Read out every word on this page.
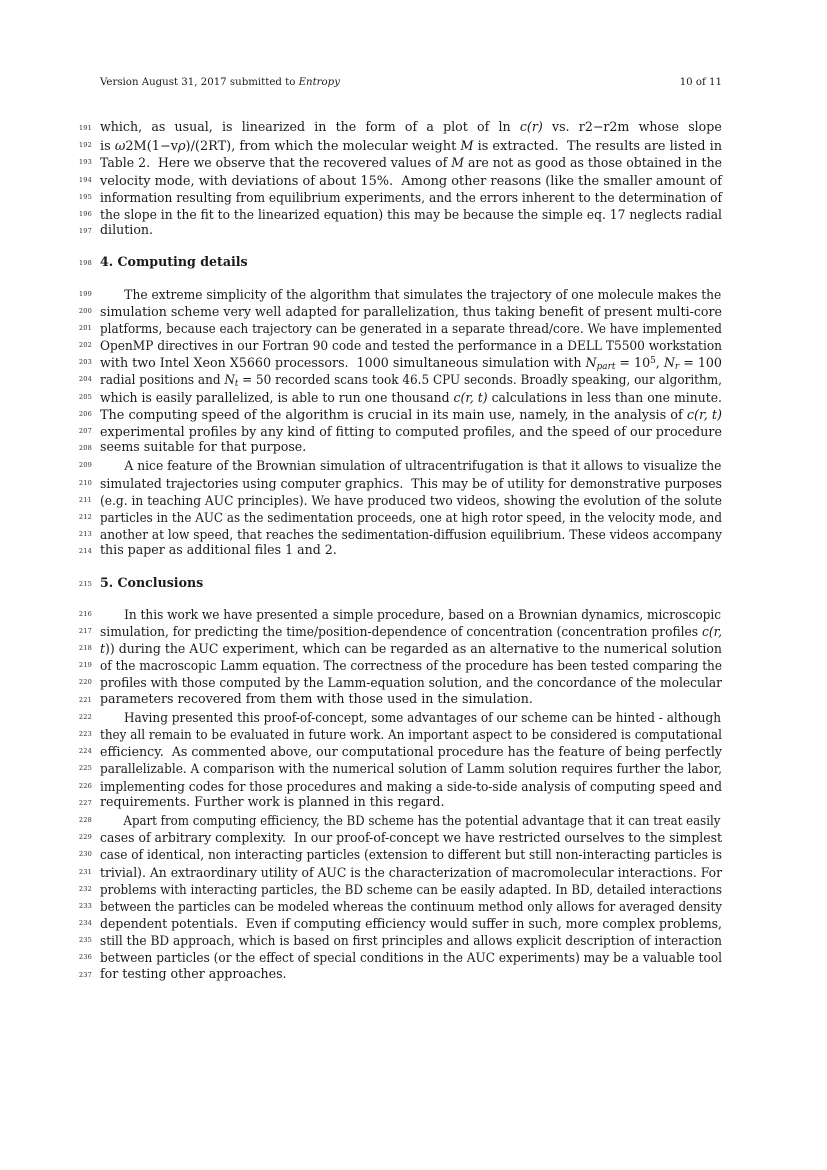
Version August 31, 2017 submitted to Entropy	10 of 11
191 which, as usual, is linearized in the form of a plot of ln c(r) vs. r2−r2m whose slope
192 is ω2M(1−vρ)/(2RT), from which the molecular weight M is extracted.  The results are listed in
193 Table 2.  Here we observe that the recovered values of M are not as good as those obtained in the
194 velocity mode, with deviations of about 15%.  Among other reasons (like the smaller amount of
195 information resulting from equilibrium experiments, and the errors inherent to the determination of
196 the slope in the fit to the linearized equation) this may be because the simple eq. 17 neglects radial
197 dilution.
198 4. Computing details
199	The extreme simplicity of the algorithm that simulates the trajectory of one molecule makes the
200 simulation scheme very well adapted for parallelization, thus taking benefit of present multi-core
201 platforms, because each trajectory can be generated in a separate thread/core. We have implemented
202 OpenMP directives in our Fortran 90 code and tested the performance in a DELL T5500 workstation
203 with two Intel Xeon X5660 processors.  1000 simultaneous simulation with $N_{part} = 10^5$, $N_r = 100$
204 radial positions and $N_t = 50$ recorded scans took 46.5 CPU seconds. Broadly speaking, our algorithm,
205 which is easily parallelized, is able to run one thousand c(r, t) calculations in less than one minute.
206 The computing speed of the algorithm is crucial in its main use, namely, in the analysis of c(r, t)
207 experimental profiles by any kind of fitting to computed profiles, and the speed of our procedure
208 seems suitable for that purpose.
209	A nice feature of the Brownian simulation of ultracentrifugation is that it allows to visualize the
210 simulated trajectories using computer graphics.  This may be of utility for demonstrative purposes
211 (e.g. in teaching AUC principles). We have produced two videos, showing the evolution of the solute
212 particles in the AUC as the sedimentation proceeds, one at high rotor speed, in the velocity mode, and
213 another at low speed, that reaches the sedimentation-diffusion equilibrium. These videos accompany
214 this paper as additional files 1 and 2.
215 5. Conclusions
216	In this work we have presented a simple procedure, based on a Brownian dynamics, microscopic
217 simulation, for predicting the time/position-dependence of concentration (concentration profiles c(r,
218 t)) during the AUC experiment, which can be regarded as an alternative to the numerical solution
219 of the macroscopic Lamm equation. The correctness of the procedure has been tested comparing the
220 profiles with those computed by the Lamm-equation solution, and the concordance of the molecular
221 parameters recovered from them with those used in the simulation.
222	Having presented this proof-of-concept, some advantages of our scheme can be hinted - although
223 they all remain to be evaluated in future work. An important aspect to be considered is computational
224 efficiency.  As commented above, our computational procedure has the feature of being perfectly
225 parallelizable. A comparison with the numerical solution of Lamm solution requires further the labor,
226 implementing codes for those procedures and making a side-to-side analysis of computing speed and
227 requirements. Further work is planned in this regard.
228 Apart from computing efficiency, the BD scheme has the potential advantage that it can treat easily
229 cases of arbitrary complexity.  In our proof-of-concept we have restricted ourselves to the simplest
230 case of identical, non interacting particles (extension to different but still non-interacting particles is
231 trivial). An extraordinary utility of AUC is the characterization of macromolecular interactions. For
232 problems with interacting particles, the BD scheme can be easily adapted. In BD, detailed interactions
233 between the particles can be modeled whereas the continuum method only allows for averaged density
234 dependent potentials.  Even if computing efficiency would suffer in such, more complex problems,
235 still the BD approach, which is based on first principles and allows explicit description of interaction
236 between particles (or the effect of special conditions in the AUC experiments) may be a valuable tool
237 for testing other approaches.
